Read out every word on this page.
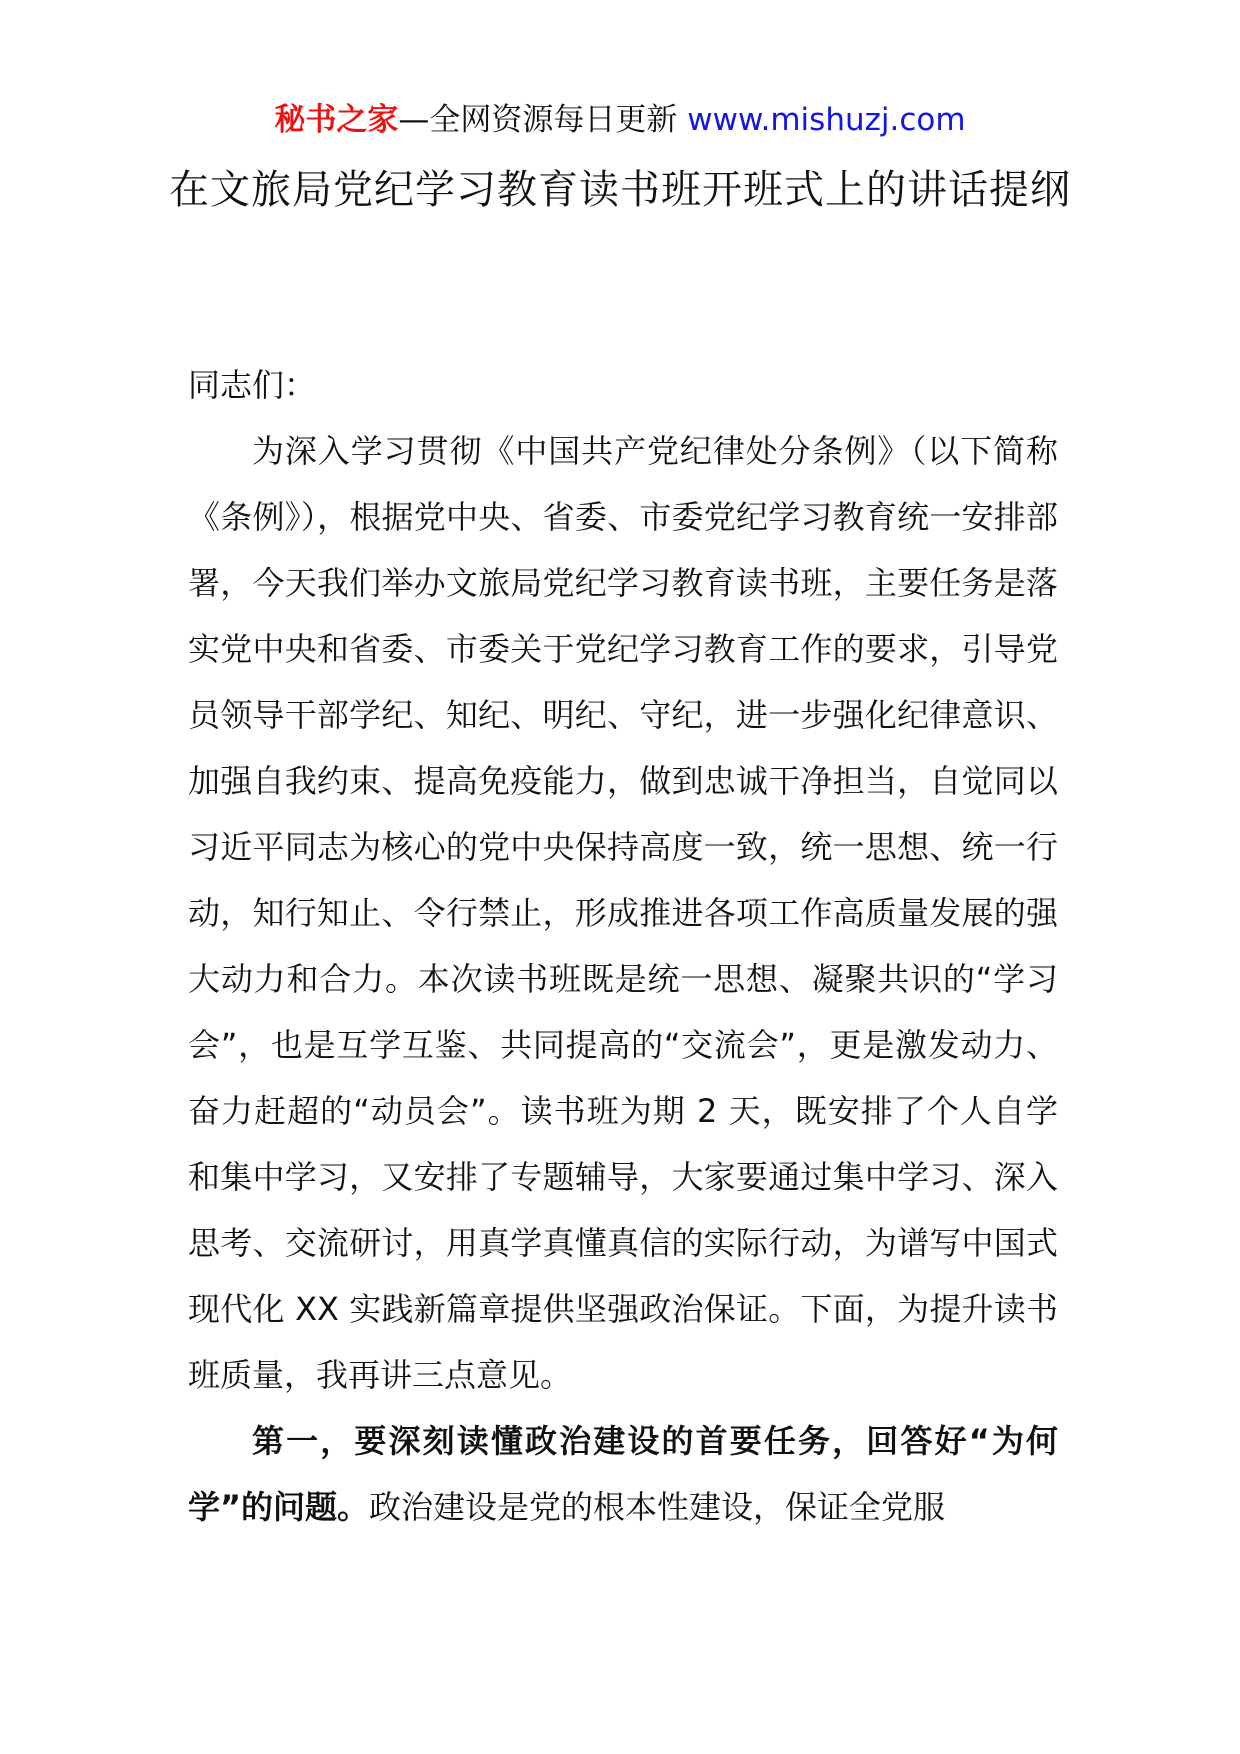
秘书之家—全网资源每日更新 www.mishuzj.com
在文旅局党纪学习教育读书班开班式上的讲话提纲

同志们：

为深入学习贯彻《中国共产党纪律处分条例》（以下简称《条例》），根据党中央、省委、市委党纪学习教育统一安排部署，今天我们举办文旅局党纪学习教育读书班，主要任务是落实党中央和省委、市委关于党纪学习教育工作的要求，引导党员领导干部学纪、知纪、明纪、守纪，进一步强化纪律意识、加强自我约束、提高免疫能力，做到忠诚干净担当，自觉同以习近平同志为核心的党中央保持高度一致，统一思想、统一行动，知行知止、令行禁止，形成推进各项工作高质量发展的强大动力和合力。本次读书班既是统一思想、凝聚共识的“学习会”，也是互学互鉴、共同提高的“交流会”，更是激发动力、奋力赶超的“动员会”。读书班为期 2 天，既安排了个人自学和集中学习，又安排了专题辅导，大家要通过集中学习、深入思考、交流研讨，用真学真懂真信的实际行动，为谱写中国式现代化 XX 实践新篇章提供坚强政治保证。下面，为提升读书班质量，我再讲三点意见。

第一，要深刻读懂政治建设的首要任务，回答好“为何学”的问题。政治建设是党的根本性建设，保证全党服
